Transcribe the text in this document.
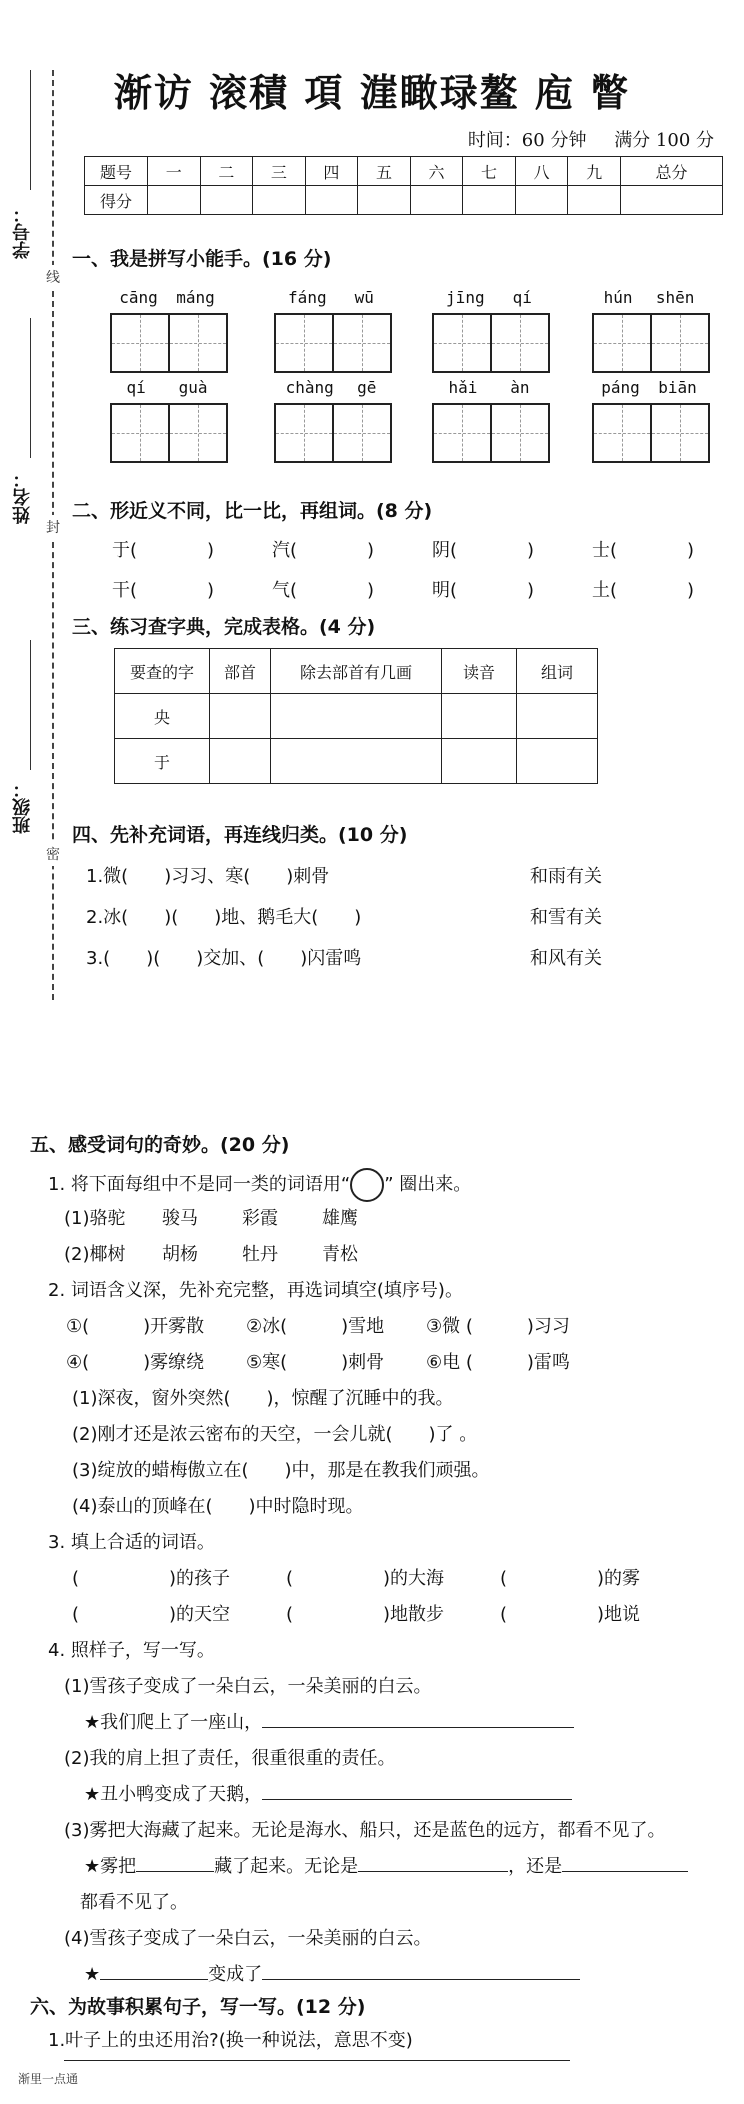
渐访 滚積 項 漄瞰琭鳌 庖 瞥
时间：60 分钟 满分 100 分
学号：
姓名：
班级：
线
封
密
题号	一	二	三	四	五	六	七	八	九	总分
得分										
一、我是拼写小能手。(16 分)
cāng máng	fáng wū	jīng qí	hún shēn
qí guà	chàng gē	hǎi àn	páng biān
二、形近义不同，比一比，再组词。(8 分)
于(	)	汽(	)	阴(	)	士(	)
干(	)	气(	)	明(	)	土(	)
三、练习查字典，完成表格。(4 分)
要查的字	部首	除去部首有几画	读音	组词
央				
于				
四、先补充词语，再连线归类。(10 分)
1.微(　　)习习、寒(　　)刺骨
2.冰(　　)(　　)地、鹅毛大(　　)
3.(　　)(　　)交加、(　　)闪雷鸣
和雨有关
和雪有关
和风有关
五、感受词句的奇妙。(20 分)
1. 将下面每组中不是同一类的词语用“ ” 圈出来。
(1)骆驼	骏马	彩霞	雄鹰
(2)椰树	胡杨	牡丹	青松
2. 词语含义深，先补充完整，再选词填空(填序号)。
①(　　　)开雾散	②冰(　　　)雪地	③微 (　　　)习习
④(　　　)雾缭绕	⑤寒(　　　)刺骨	⑥电 (　　　)雷鸣
(1)深夜，窗外突然(　　)，惊醒了沉睡中的我。
(2)刚才还是浓云密布的天空，一会儿就(　　)了 。
(3)绽放的蜡梅傲立在(　　)中，那是在教我们顽强。
(4)泰山的顶峰在(　　)中时隐时现。
3. 填上合适的词语。
(　　　　　)的孩子	(　　　　　)的大海	(　　　　　)的雾
(　　　　　)的天空	(　　　　　)地散步	(　　　　　)地说
4. 照样子，写一写。
(1)雪孩子变成了一朵白云，一朵美丽的白云。
★我们爬上了一座山，
(2)我的肩上担了责任，很重很重的责任。
★丑小鸭变成了天鹅，
(3)雾把大海藏了起来。无论是海水、船只，还是蓝色的远方，都看不见了。
★雾把	藏了起来。无论是	，还是
都看不见了。
(4)雪孩子变成了一朵白云，一朵美丽的白云。
★	变成了
六、为故事积累句子，写一写。(12 分)
1.叶子上的虫还用治?(换一种说法，意思不变)
渐里一点通
